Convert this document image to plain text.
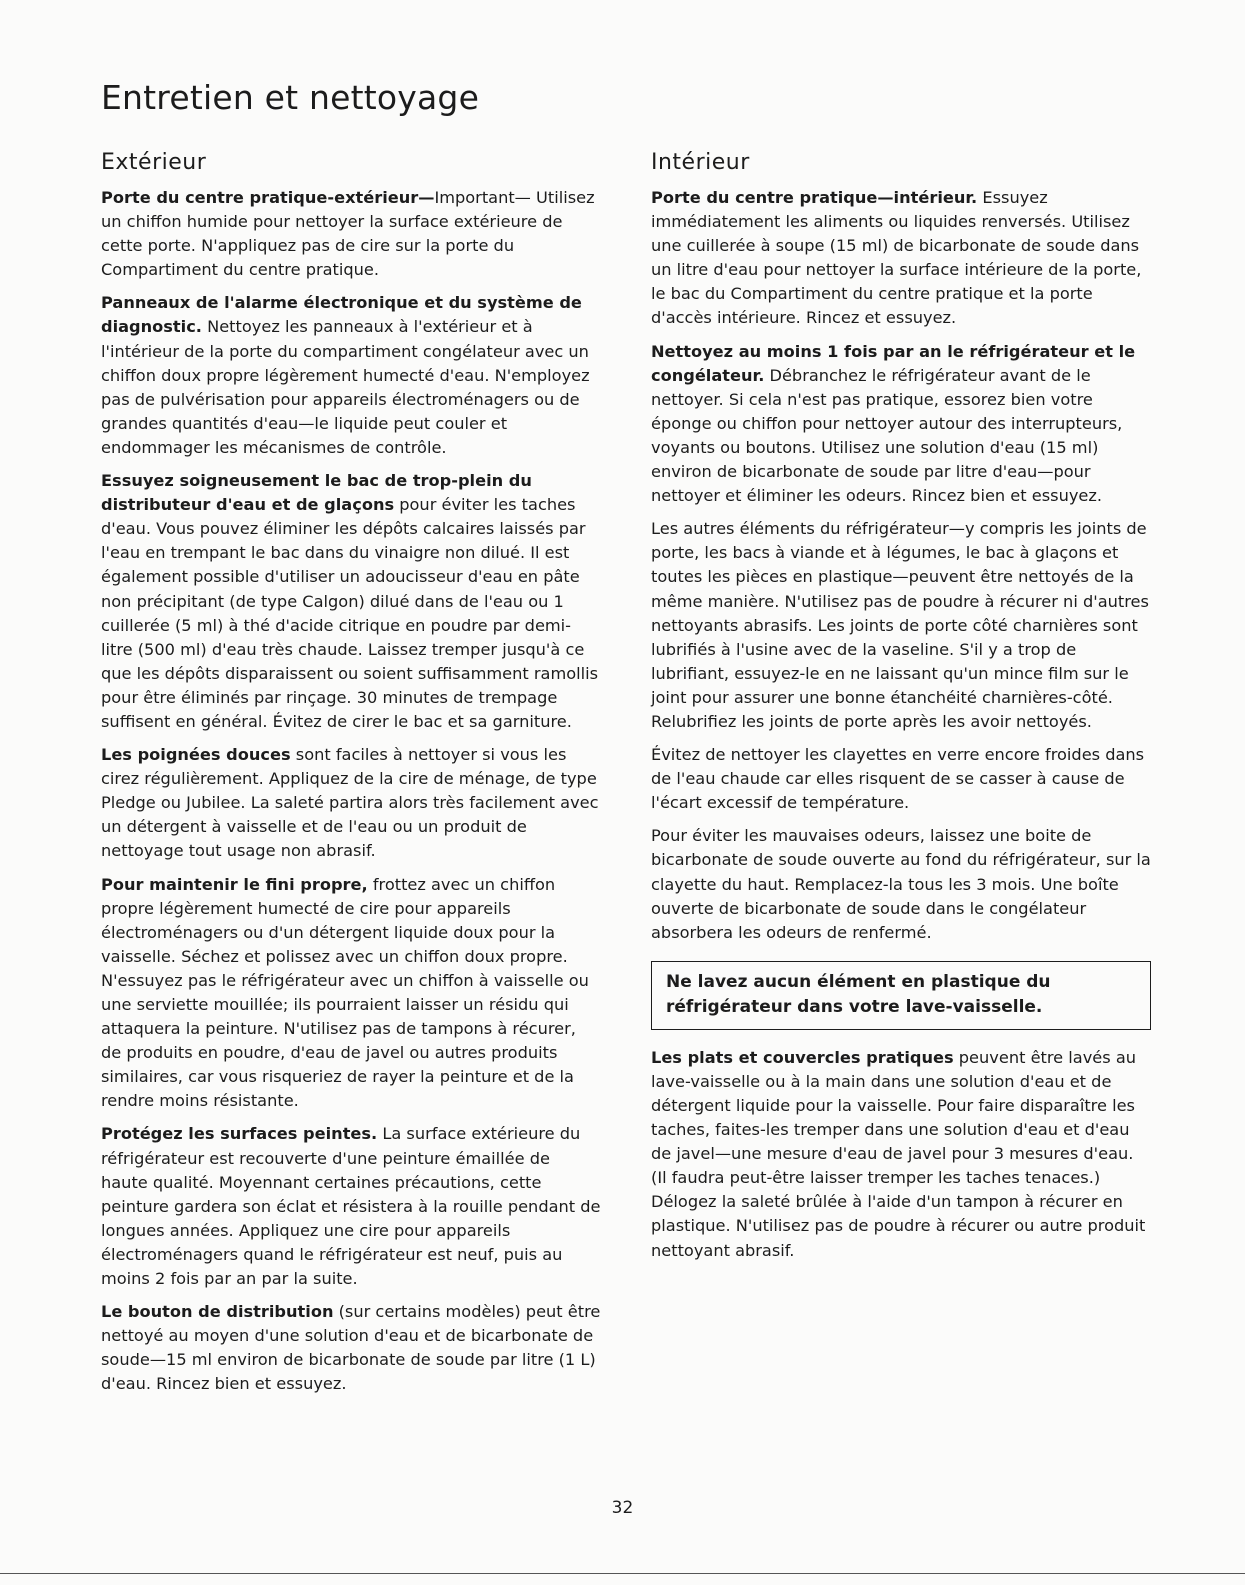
Entretien et nettoyage
Extérieur

Porte du centre pratique-extérieur—Important— Utilisez un chiffon humide pour nettoyer la surface extérieure de cette porte. N'appliquez pas de cire sur la porte du Compartiment du centre pratique.

Panneaux de l'alarme électronique et du système de diagnostic. Nettoyez les panneaux à l'extérieur et à l'intérieur de la porte du compartiment congélateur avec un chiffon doux propre légèrement humecté d'eau. N'employez pas de pulvérisation pour appareils électroménagers ou de grandes quantités d'eau—le liquide peut couler et endommager les mécanismes de contrôle.

Essuyez soigneusement le bac de trop-plein du distributeur d'eau et de glaçons pour éviter les taches d'eau. Vous pouvez éliminer les dépôts calcaires laissés par l'eau en trempant le bac dans du vinaigre non dilué. Il est également possible d'utiliser un adoucisseur d'eau en pâte non précipitant (de type Calgon) dilué dans de l'eau ou 1 cuillerée (5 ml) à thé d'acide citrique en poudre par demi-litre (500 ml) d'eau très chaude. Laissez tremper jusqu'à ce que les dépôts disparaissent ou soient suffisamment ramollis pour être éliminés par rinçage. 30 minutes de trempage suffisent en général. Évitez de cirer le bac et sa garniture.

Les poignées douces sont faciles à nettoyer si vous les cirez régulièrement. Appliquez de la cire de ménage, de type Pledge ou Jubilee. La saleté partira alors très facilement avec un détergent à vaisselle et de l'eau ou un produit de nettoyage tout usage non abrasif.

Pour maintenir le fini propre, frottez avec un chiffon propre légèrement humecté de cire pour appareils électroménagers ou d'un détergent liquide doux pour la vaisselle. Séchez et polissez avec un chiffon doux propre. N'essuyez pas le réfrigérateur avec un chiffon à vaisselle ou une serviette mouillée; ils pourraient laisser un résidu qui attaquera la peinture. N'utilisez pas de tampons à récurer, de produits en poudre, d'eau de javel ou autres produits similaires, car vous risqueriez de rayer la peinture et de la rendre moins résistante.

Protégez les surfaces peintes. La surface extérieure du réfrigérateur est recouverte d'une peinture émaillée de haute qualité. Moyennant certaines précautions, cette peinture gardera son éclat et résistera à la rouille pendant de longues années. Appliquez une cire pour appareils électroménagers quand le réfrigérateur est neuf, puis au moins 2 fois par an par la suite.

Le bouton de distribution (sur certains modèles) peut être nettoyé au moyen d'une solution d'eau et de bicarbonate de soude—15 ml environ de bicarbonate de soude par litre (1 L) d'eau. Rincez bien et essuyez.

Intérieur

Porte du centre pratique—intérieur. Essuyez immédiatement les aliments ou liquides renversés. Utilisez une cuillerée à soupe (15 ml) de bicarbonate de soude dans un litre d'eau pour nettoyer la surface intérieure de la porte, le bac du Compartiment du centre pratique et la porte d'accès intérieure. Rincez et essuyez.

Nettoyez au moins 1 fois par an le réfrigérateur et le congélateur. Débranchez le réfrigérateur avant de le nettoyer. Si cela n'est pas pratique, essorez bien votre éponge ou chiffon pour nettoyer autour des interrupteurs, voyants ou boutons. Utilisez une solution d'eau (15 ml) environ de bicarbonate de soude par litre d'eau—pour nettoyer et éliminer les odeurs. Rincez bien et essuyez.

Les autres éléments du réfrigérateur—y compris les joints de porte, les bacs à viande et à légumes, le bac à glaçons et toutes les pièces en plastique—peuvent être nettoyés de la même manière. N'utilisez pas de poudre à récurer ni d'autres nettoyants abrasifs. Les joints de porte côté charnières sont lubrifiés à l'usine avec de la vaseline. S'il y a trop de lubrifiant, essuyez-le en ne laissant qu'un mince film sur le joint pour assurer une bonne étanchéité charnières-côté. Relubrifiez les joints de porte après les avoir nettoyés.

Évitez de nettoyer les clayettes en verre encore froides dans de l'eau chaude car elles risquent de se casser à cause de l'écart excessif de température.

Pour éviter les mauvaises odeurs, laissez une boite de bicarbonate de soude ouverte au fond du réfrigérateur, sur la clayette du haut. Remplacez-la tous les 3 mois. Une boîte ouverte de bicarbonate de soude dans le congélateur absorbera les odeurs de renfermé.

Ne lavez aucun élément en plastique du réfrigérateur dans votre lave-vaisselle.

Les plats et couvercles pratiques peuvent être lavés au lave-vaisselle ou à la main dans une solution d'eau et de détergent liquide pour la vaisselle. Pour faire disparaître les taches, faites-les tremper dans une solution d'eau et d'eau de javel—une mesure d'eau de javel pour 3 mesures d'eau. (Il faudra peut-être laisser tremper les taches tenaces.) Délogez la saleté brûlée à l'aide d'un tampon à récurer en plastique. N'utilisez pas de poudre à récurer ou autre produit nettoyant abrasif.

32
